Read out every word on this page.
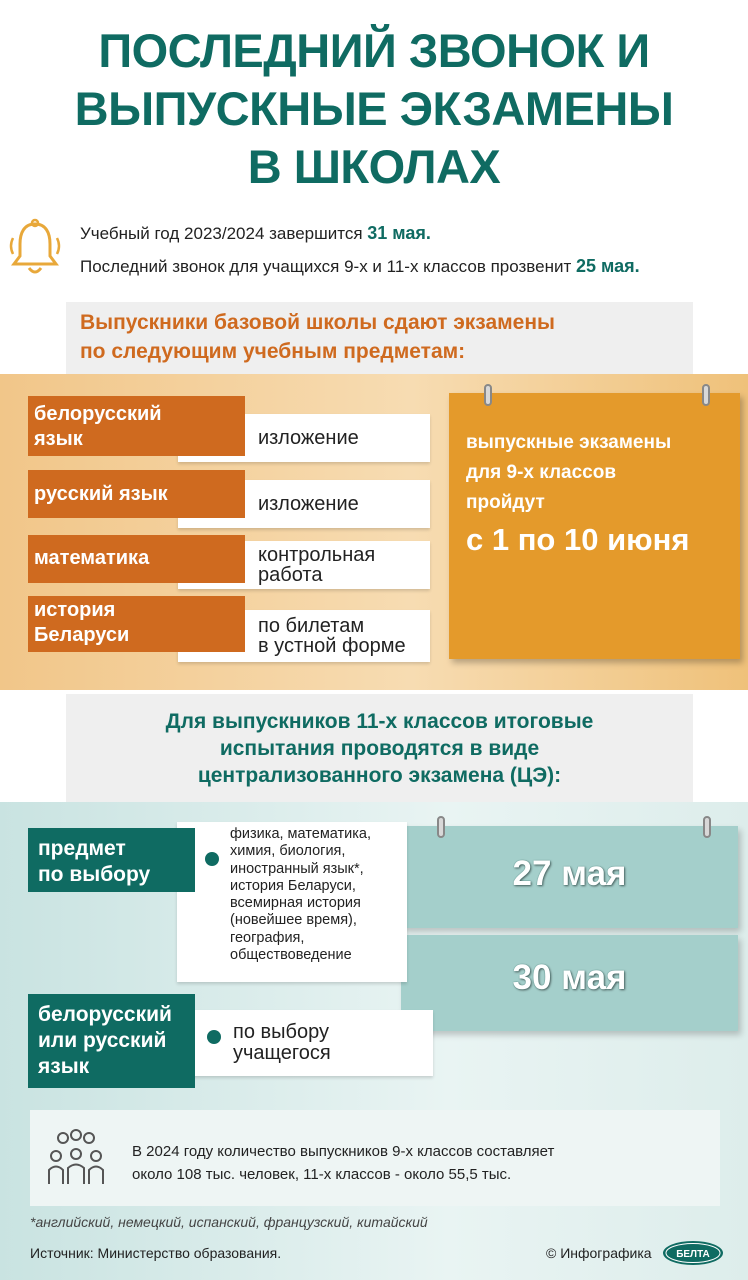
ПОСЛЕДНИЙ ЗВОНОК И
ВЫПУСКНЫЕ ЭКЗАМЕНЫ
В ШКОЛАХ
Учебный год 2023/2024 завершится 31 мая.
Последний звонок для учащихся 9-х и 11-х классов прозвенит 25 мая.
Выпускники базовой школы сдают экзамены
по следующим учебным предметам:
изложение
белорусский
язык
изложение
русский язык
контрольная
работа
математика
по билетам
в устной форме
история
Беларуси
выпускные экзамены
для 9-х классов
пройдут
с 1 по 10 июня
Для выпускников 11-х классов итоговые
испытания проводятся в виде
централизованного экзамена (ЦЭ):
27 мая
30 мая
физика, математика,
химия, биология,
иностранный язык*,
история Беларуси,
всемирная история
(новейшее время),
география,
обществоведение
предмет
по выбору
по выбору
учащегося
белорусский
или русский
язык
В 2024 году количество выпускников 9-х классов составляет
около 108 тыс. человек, 11-х классов - около 55,5 тыс.
*английский, немецкий, испанский, французский, китайский
Источник: Министерство образования.	© Инфографика БЕЛТА
